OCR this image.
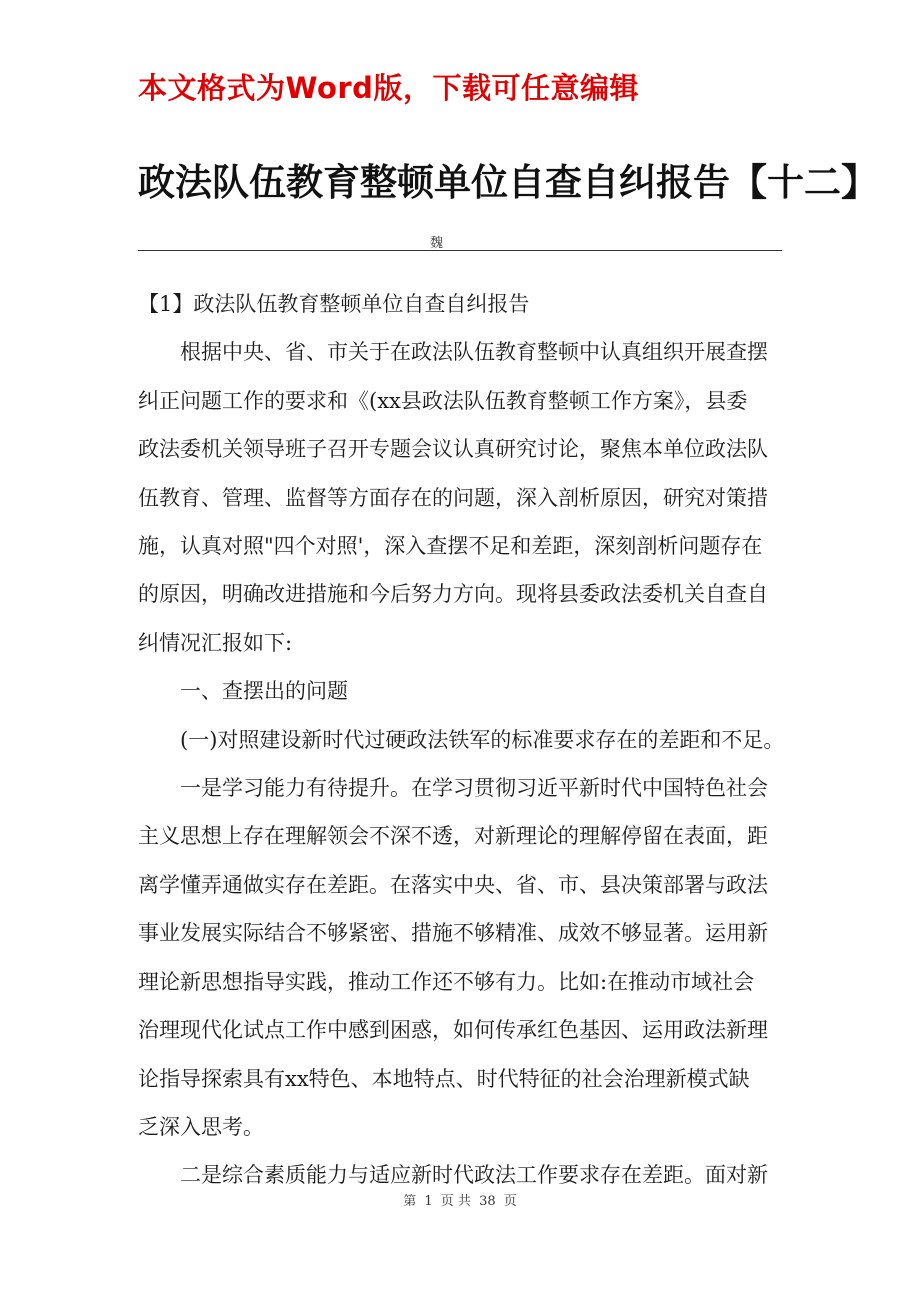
本文格式为Word版，下载可任意编辑
政法队伍教育整顿单位自查自纠报告【十二】
魏

【1】政法队伍教育整顿单位自查自纠报告

根据中央、省、市关于在政法队伍教育整顿中认真组织开展查摆

纠正问题工作的要求和《(xx县政法队伍教育整顿工作方案》，县委

政法委机关领导班子召开专题会议认真研究讨论，聚焦本单位政法队

伍教育、管理、监督等方面存在的问题，深入剖析原因，研究对策措

施，认真对照"四个对照'，深入查摆不足和差距，深刻剖析问题存在

的原因，明确改进措施和今后努力方向。现将县委政法委机关自查自

纠情况汇报如下:

一、查摆出的问题

(一)对照建设新时代过硬政法铁军的标准要求存在的差距和不足。

一是学习能力有待提升。在学习贯彻习近平新时代中国特色社会

主义思想上存在理解领会不深不透，对新理论的理解停留在表面，距

离学懂弄通做实存在差距。在落实中央、省、市、县决策部署与政法

事业发展实际结合不够紧密、措施不够精准、成效不够显著。运用新

理论新思想指导实践，推动工作还不够有力。比如:在推动市域社会

治理现代化试点工作中感到困惑，如何传承红色基因、运用政法新理

论指导探索具有xx特色、本地特点、时代特征的社会治理新模式缺

乏深入思考。

二是综合素质能力与适应新时代政法工作要求存在差距。面对新

第 1 页 共 38 页
